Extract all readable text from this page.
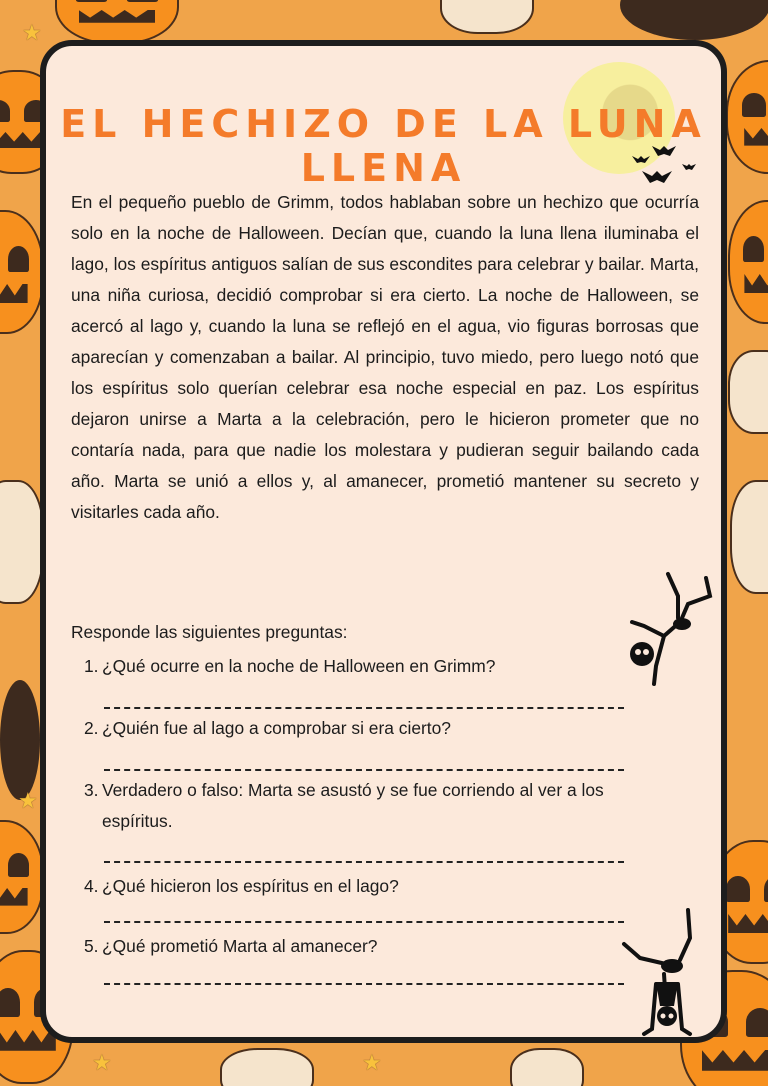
★
★	★
★
EL HECHIZO DE LA LUNA LLENA

En el pequeño pueblo de Grimm, todos hablaban sobre un hechizo que ocurría solo en la noche de Halloween. Decían que, cuando la luna llena iluminaba el lago, los espíritus antiguos salían de sus escondites para celebrar y bailar. Marta, una niña curiosa, decidió comprobar si era cierto. La noche de Halloween, se acercó al lago y, cuando la luna se reflejó en el agua, vio figuras borrosas que aparecían y comenzaban a bailar. Al principio, tuvo miedo, pero luego notó que los espíritus solo querían celebrar esa noche especial en paz. Los espíritus dejaron unirse a Marta a la celebración, pero le hicieron prometer que no contaría nada, para que nadie los molestara y pudieran seguir bailando cada año. Marta se unió a ellos y, al amanecer, prometió mantener su secreto y visitarles cada año.

Responde las siguientes preguntas:
1. ¿Qué ocurre en la noche de Halloween en Grimm?
2. ¿Quién fue al lago a comprobar si era cierto?
3. Verdadero o falso: Marta se asustó y se fue corriendo al ver a los espíritus.
4. ¿Qué hicieron los espíritus en el lago?
5. ¿Qué prometió Marta al amanecer?
